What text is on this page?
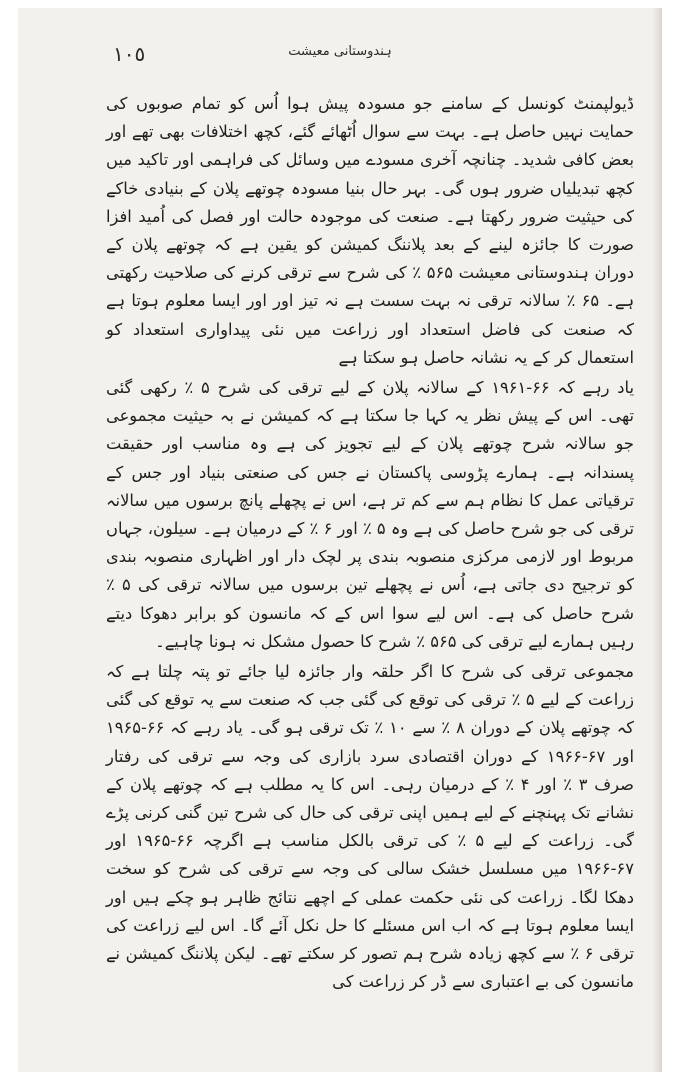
١٠٥	ہندوستانی معیشت

ڈیولپمنٹ کونسل کے سامنے جو مسودہ پیش ہوا اُس کو تمام صوبوں کی حمایت نہیں حاصل ہے۔ بہت سے سوال اُٹھائے گئے، کچھ اختلافات بھی تھے اور بعض کافی شدید۔ چنانچہ آخری مسودے میں وسائل کی فراہمی اور تاکید میں کچھ تبدیلیاں ضرور ہوں گی۔ بہر حال بنیا مسودہ چوتھے پلان کے بنیادی خاکے کی حیثیت ضرور رکھتا ہے۔ صنعت کی موجودہ حالت اور فصل کی اُمید افزا صورت کا جائزہ لینے کے بعد پلاننگ کمیشن کو یقین ہے کہ چوتھے پلان کے دوران ہندوستانی معیشت ۵۶۵ ٪ کی شرح سے ترقی کرنے کی صلاحیت رکھتی ہے۔ ۶۵ ٪ سالانہ ترقی نہ بہت سست ہے نہ تیز اور اور ایسا معلوم ہوتا ہے کہ صنعت کی فاضل استعداد اور زراعت میں نئی پیداواری استعداد کو استعمال کر کے یہ نشانہ حاصل ہو سکتا ہے

یاد رہے کہ ۶۶-۱۹۶۱ کے سالانہ پلان کے لیے ترقی کی شرح ۵ ٪ رکھی گئی تھی۔ اس کے پیش نظر یہ کہا جا سکتا ہے کہ کمیشن نے بہ حیثیت مجموعی جو سالانہ شرح چوتھے پلان کے لیے تجویز کی ہے وہ مناسب اور حقیقت پسندانہ ہے۔ ہمارے پڑوسی پاکستان نے جس کی صنعتی بنیاد اور جس کے ترقیاتی عمل کا نظام ہم سے کم تر ہے، اس نے پچھلے پانچ برسوں میں سالانہ ترقی کی جو شرح حاصل کی ہے وہ ۵ ٪ اور ۶ ٪ کے درمیان ہے۔ سیلون، جہاں مربوط اور لازمی مرکزی منصوبہ بندی پر لچک دار اور اظہاری منصوبہ بندی کو ترجیح دی جاتی ہے، اُس نے پچھلے تین برسوں میں سالانہ ترقی کی ۵ ٪ شرح حاصل کی ہے۔ اس لیے سوا اس کے کہ مانسون کو برابر دھوکا دیتے رہیں ہمارے لیے ترقی کی ۵۶۵ ٪ شرح کا حصول مشکل نہ ہونا چاہیے۔

مجموعی ترقی کی شرح کا اگر حلقہ وار جائزہ لیا جائے تو پتہ چلتا ہے کہ زراعت کے لیے ۵ ٪ ترقی کی توقع کی گئی جب کہ صنعت سے یہ توقع کی گئی کہ چوتھے پلان کے دوران ۸ ٪ سے ۱۰ ٪ تک ترقی ہو گی۔ یاد رہے کہ ۶۶-۱۹۶۵ اور ۶۷-۱۹۶۶ کے دوران اقتصادی سرد بازاری کی وجہ سے ترقی کی رفتار صرف ۳ ٪ اور ۴ ٪ کے درمیان رہی۔ اس کا یہ مطلب ہے کہ چوتھے پلان کے نشانے تک پہنچنے کے لیے ہمیں اپنی ترقی کی حال کی شرح تین گنی کرنی پڑے گی۔ زراعت کے لیے ۵ ٪ کی ترقی بالکل مناسب ہے اگرچہ ۶۶-۱۹۶۵ اور ۶۷-۱۹۶۶ میں مسلسل خشک سالی کی وجہ سے ترقی کی شرح کو سخت دھکا لگا۔ زراعت کی نئی حکمت عملی کے اچھے نتائج ظاہر ہو چکے ہیں اور ایسا معلوم ہوتا ہے کہ اب اس مسئلے کا حل نکل آئے گا۔ اس لیے زراعت کی ترقی ۶ ٪ سے کچھ زیادہ شرح ہم تصور کر سکتے تھے۔ لیکن پلاننگ کمیشن نے مانسون کی بے اعتباری سے ڈر کر زراعت کی
